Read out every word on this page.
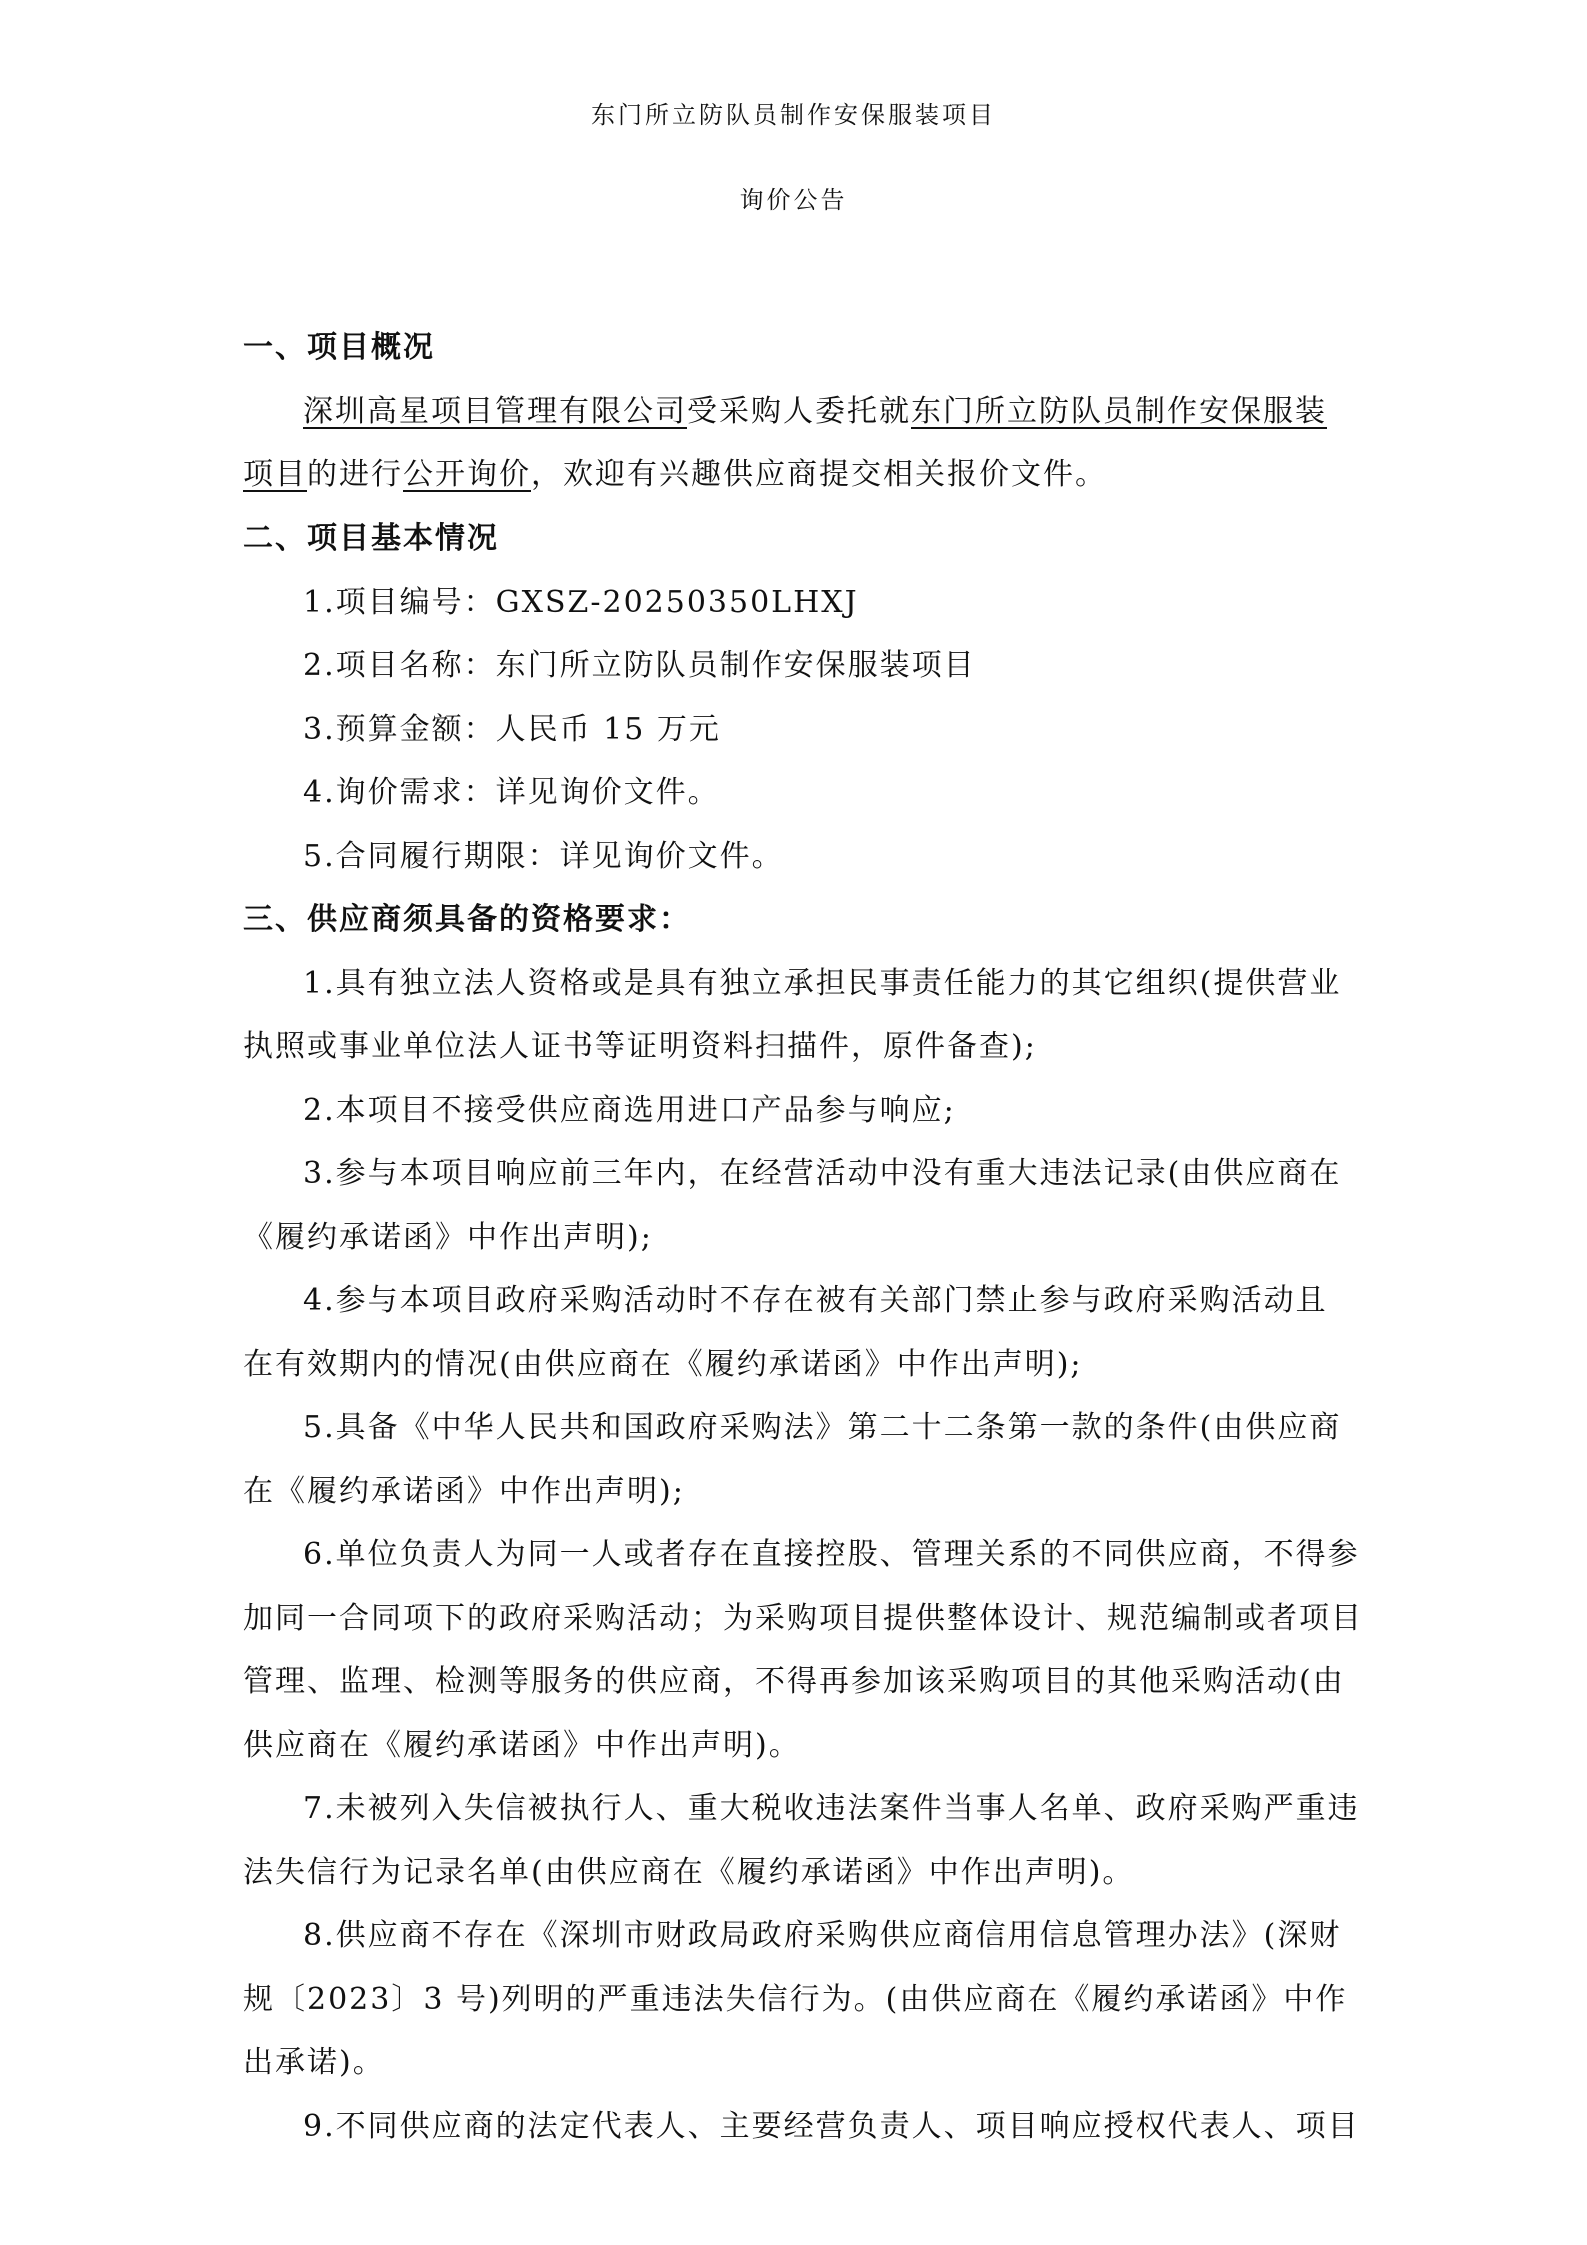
东门所立防队员制作安保服装项目
询价公告
一、项目概况
深圳高星项目管理有限公司受采购人委托就东门所立防队员制作安保服装
项目的进行公开询价，欢迎有兴趣供应商提交相关报价文件。
二、项目基本情况
1.项目编号：GXSZ-20250350LHXJ
2.项目名称：东门所立防队员制作安保服装项目
3.预算金额：人民币 15 万元
4.询价需求：详见询价文件。
5.合同履行期限：详见询价文件。
三、供应商须具备的资格要求：
1.具有独立法人资格或是具有独立承担民事责任能力的其它组织(提供营业
执照或事业单位法人证书等证明资料扫描件，原件备查);
2.本项目不接受供应商选用进口产品参与响应;
3.参与本项目响应前三年内，在经营活动中没有重大违法记录(由供应商在
《履约承诺函》中作出声明);
4.参与本项目政府采购活动时不存在被有关部门禁止参与政府采购活动且
在有效期内的情况(由供应商在《履约承诺函》中作出声明);
5.具备《中华人民共和国政府采购法》第二十二条第一款的条件(由供应商
在《履约承诺函》中作出声明);
6.单位负责人为同一人或者存在直接控股、管理关系的不同供应商，不得参
加同一合同项下的政府采购活动；为采购项目提供整体设计、规范编制或者项目
管理、监理、检测等服务的供应商，不得再参加该采购项目的其他采购活动(由
供应商在《履约承诺函》中作出声明)。
7.未被列入失信被执行人、重大税收违法案件当事人名单、政府采购严重违
法失信行为记录名单(由供应商在《履约承诺函》中作出声明)。
8.供应商不存在《深圳市财政局政府采购供应商信用信息管理办法》(深财
规〔2023〕3 号)列明的严重违法失信行为。(由供应商在《履约承诺函》中作
出承诺)。
9.不同供应商的法定代表人、主要经营负责人、项目响应授权代表人、项目
